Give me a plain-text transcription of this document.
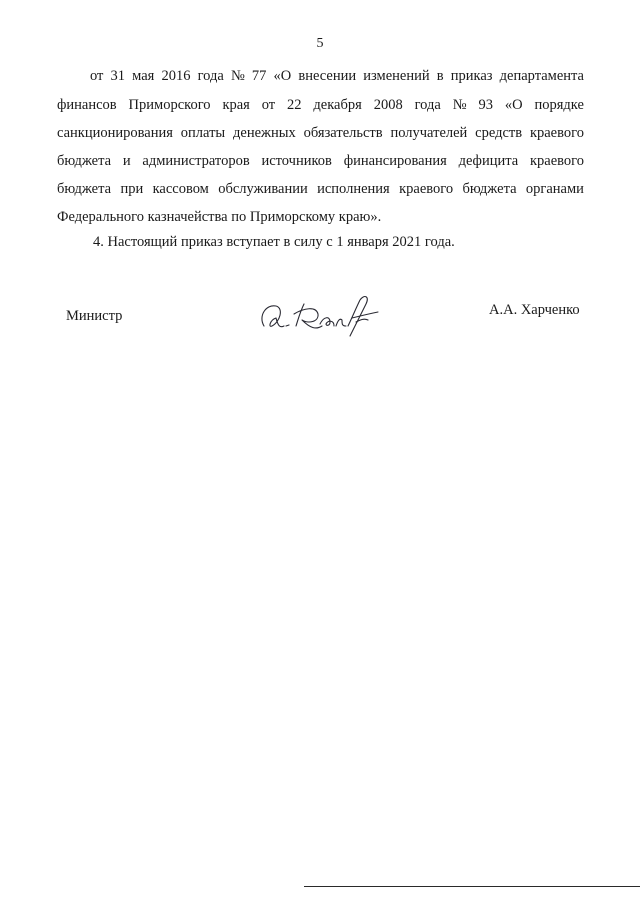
5
от 31 мая 2016 года № 77 «О внесении изменений в приказ департамента
финансов Приморского края от 22 декабря 2008 года № 93 «О порядке
санкционирования оплаты денежных обязательств получателей средств краевого
бюджета и администраторов источников финансирования дефицита краевого
бюджета при кассовом обслуживании исполнения краевого бюджета органами
Федерального казначейства по Приморскому краю».
4. Настоящий приказ вступает в силу с 1 января 2021 года.
Министр	А.А. Харченко
